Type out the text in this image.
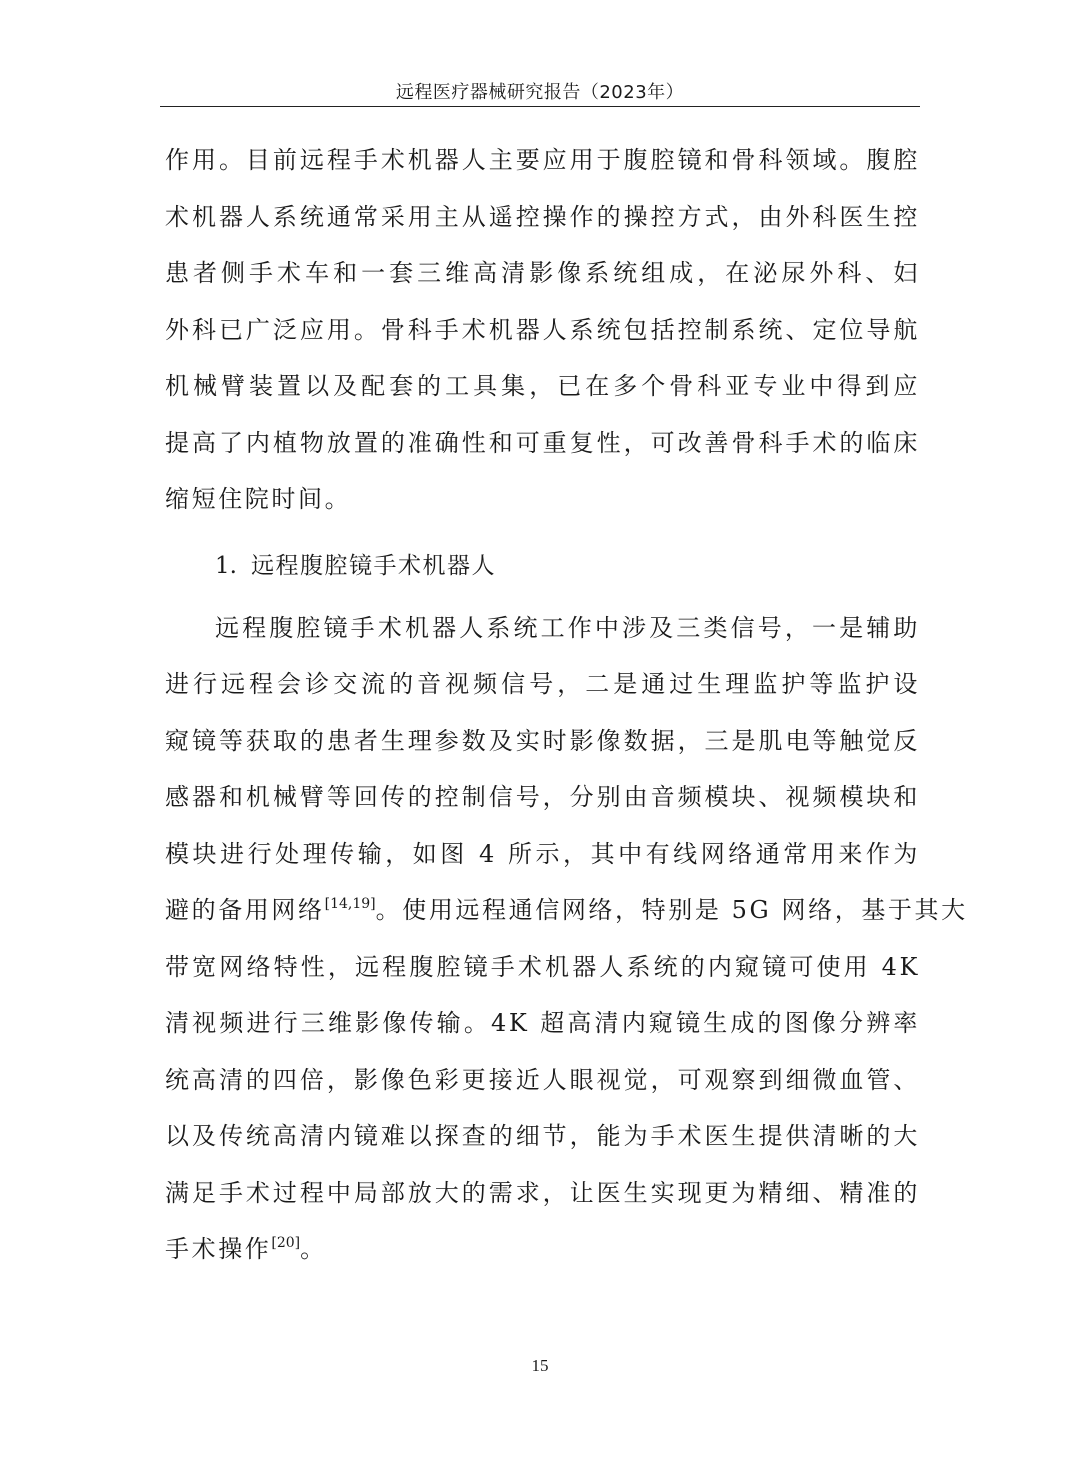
远程医疗器械研究报告（2023年）
作用。目前远程手术机器人主要应用于腹腔镜和骨科领域。腹腔
术机器人系统通常采用主从遥控操作的操控方式，由外科医生控
患者侧手术车和一套三维高清影像系统组成，在泌尿外科、妇
外科已广泛应用。骨科手术机器人系统包括控制系统、定位导航
机械臂装置以及配套的工具集，已在多个骨科亚专业中得到应
提高了内植物放置的准确性和可重复性，可改善骨科手术的临床
缩短住院时间。
1. 远程腹腔镜手术机器人
远程腹腔镜手术机器人系统工作中涉及三类信号，一是辅助
进行远程会诊交流的音视频信号，二是通过生理监护等监护设
窥镜等获取的患者生理参数及实时影像数据，三是肌电等触觉反
感器和机械臂等回传的控制信号，分别由音频模块、视频模块和
模块进行处理传输，如图 4 所示，其中有线网络通常用来作为
避的备用网络[14,19]。使用远程通信网络，特别是 5G 网络，基于其大
带宽网络特性，远程腹腔镜手术机器人系统的内窥镜可使用 4K
清视频进行三维影像传输。4K 超高清内窥镜生成的图像分辨率
统高清的四倍，影像色彩更接近人眼视觉，可观察到细微血管、
以及传统高清内镜难以探查的细节，能为手术医生提供清晰的大
满足手术过程中局部放大的需求，让医生实现更为精细、精准的
手术操作[20]。
15
